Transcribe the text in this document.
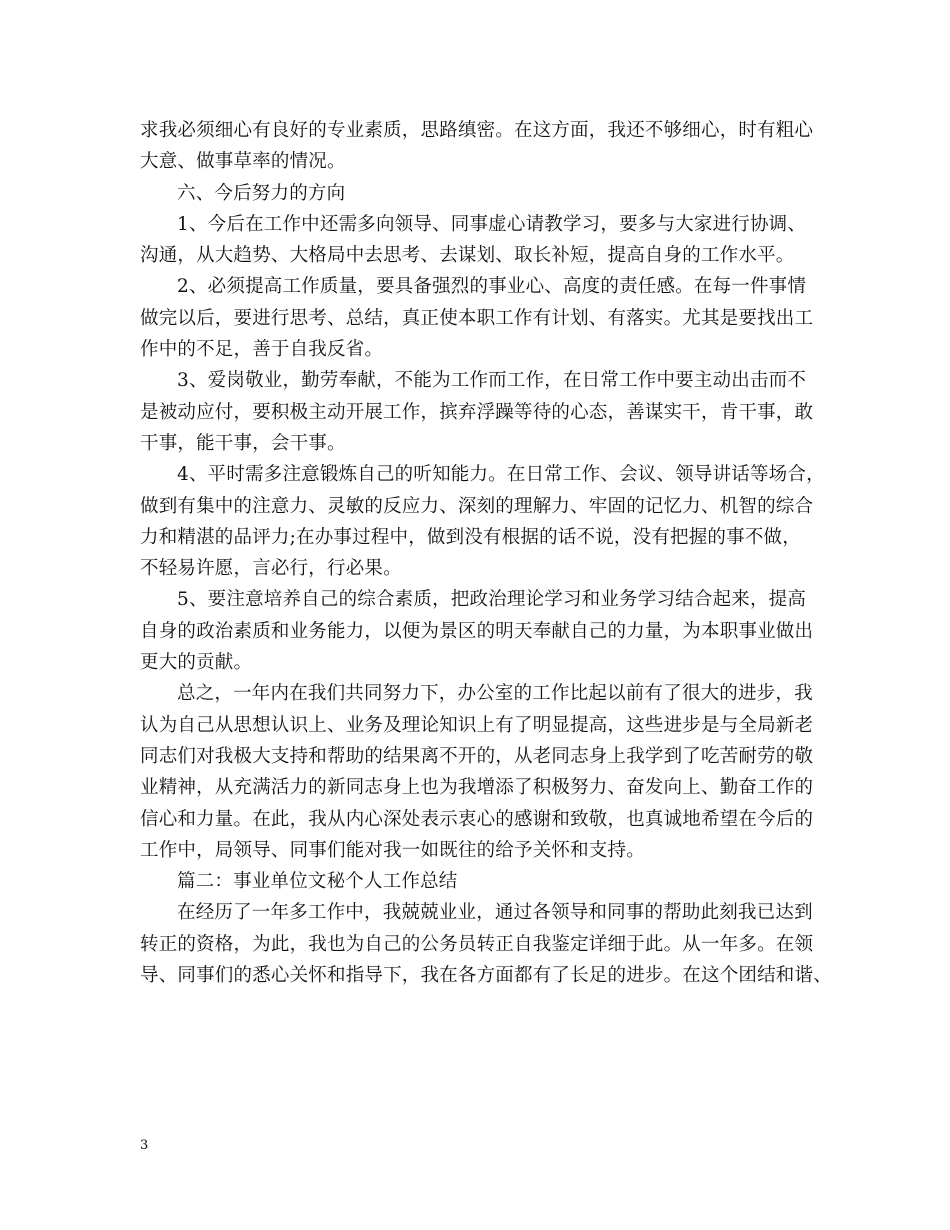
求我必须细心有良好的专业素质，思路缜密。在这方面，我还不够细心，时有粗心
大意、做事草率的情况。
六、今后努力的方向
1、今后在工作中还需多向领导、同事虚心请教学习，要多与大家进行协调、
沟通，从大趋势、大格局中去思考、去谋划、取长补短，提高自身的工作水平。
2、必须提高工作质量，要具备强烈的事业心、高度的责任感。在每一件事情
做完以后，要进行思考、总结，真正使本职工作有计划、有落实。尤其是要找出工
作中的不足，善于自我反省。
3、爱岗敬业，勤劳奉献，不能为工作而工作，在日常工作中要主动出击而不
是被动应付，要积极主动开展工作，摈弃浮躁等待的心态，善谋实干，肯干事，敢
干事，能干事，会干事。
4、平时需多注意锻炼自己的听知能力。在日常工作、会议、领导讲话等场合，
做到有集中的注意力、灵敏的反应力、深刻的理解力、牢固的记忆力、机智的综合
力和精湛的品评力;在办事过程中，做到没有根据的话不说，没有把握的事不做，
不轻易许愿，言必行，行必果。
5、要注意培养自己的综合素质，把政治理论学习和业务学习结合起来，提高
自身的政治素质和业务能力，以便为景区的明天奉献自己的力量，为本职事业做出
更大的贡献。
总之，一年内在我们共同努力下，办公室的工作比起以前有了很大的进步，我
认为自己从思想认识上、业务及理论知识上有了明显提高，这些进步是与全局新老
同志们对我极大支持和帮助的结果离不开的，从老同志身上我学到了吃苦耐劳的敬
业精神，从充满活力的新同志身上也为我增添了积极努力、奋发向上、勤奋工作的
信心和力量。在此，我从内心深处表示衷心的感谢和致敬，也真诚地希望在今后的
工作中，局领导、同事们能对我一如既往的给予关怀和支持。
篇二：事业单位文秘个人工作总结
在经历了一年多工作中，我兢兢业业，通过各领导和同事的帮助此刻我已达到
转正的资格，为此，我也为自己的公务员转正自我鉴定详细于此。从一年多。在领
导、同事们的悉心关怀和指导下，我在各方面都有了长足的进步。在这个团结和谐、
3
